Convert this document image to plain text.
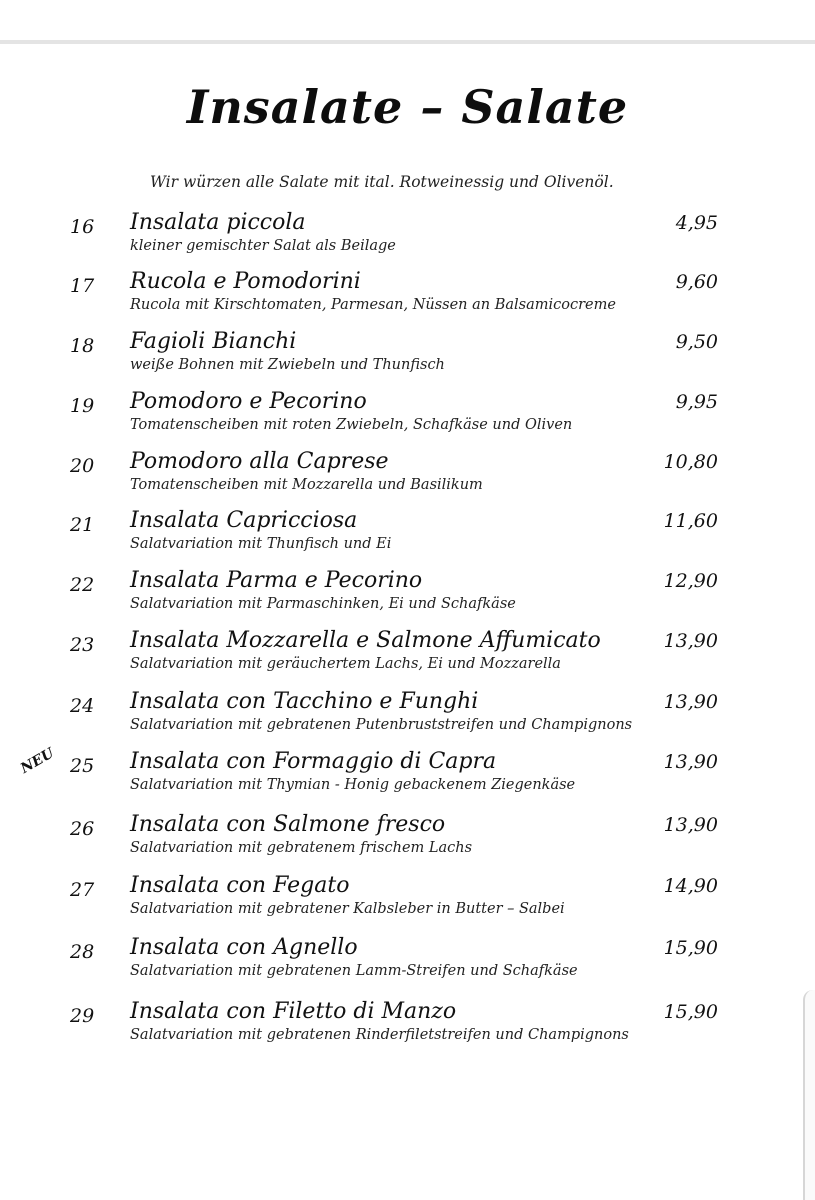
Insalate – Salate
Wir würzen alle Salate mit ital. Rotweinessig und Olivenöl.
NEU
16 Insalata piccola
kleiner gemischter Salat als Beilage
4,95
17 Rucola e Pomodorini
Rucola mit Kirschtomaten, Parmesan, Nüssen an Balsamicocreme
9,60
18 Fagioli Bianchi
weiße Bohnen mit Zwiebeln und Thunfisch
9,50
19 Pomodoro e Pecorino
Tomatenscheiben mit roten Zwiebeln, Schafkäse und Oliven
9,95
20 Pomodoro alla Caprese
Tomatenscheiben mit Mozzarella und Basilikum
10,80
21 Insalata Capricciosa
Salatvariation mit Thunfisch und Ei
11,60
22 Insalata Parma e Pecorino
Salatvariation mit Parmaschinken, Ei und Schafkäse
12,90
23 Insalata Mozzarella e Salmone Affumicato
Salatvariation mit geräuchertem Lachs, Ei und Mozzarella
13,90
24 Insalata con Tacchino e Funghi
Salatvariation mit gebratenen Putenbruststreifen und Champignons
13,90
25 Insalata con Formaggio di Capra
Salatvariation mit Thymian - Honig gebackenem Ziegenkäse
13,90
26 Insalata con Salmone fresco
Salatvariation mit gebratenem frischem Lachs
13,90
27 Insalata con Fegato
Salatvariation mit gebratener Kalbsleber in Butter – Salbei
14,90
28 Insalata con Agnello
Salatvariation mit gebratenen Lamm-Streifen und Schafkäse
15,90
29 Insalata con Filetto di Manzo
Salatvariation mit gebratenen Rinderfiletstreifen und Champignons
15,90
